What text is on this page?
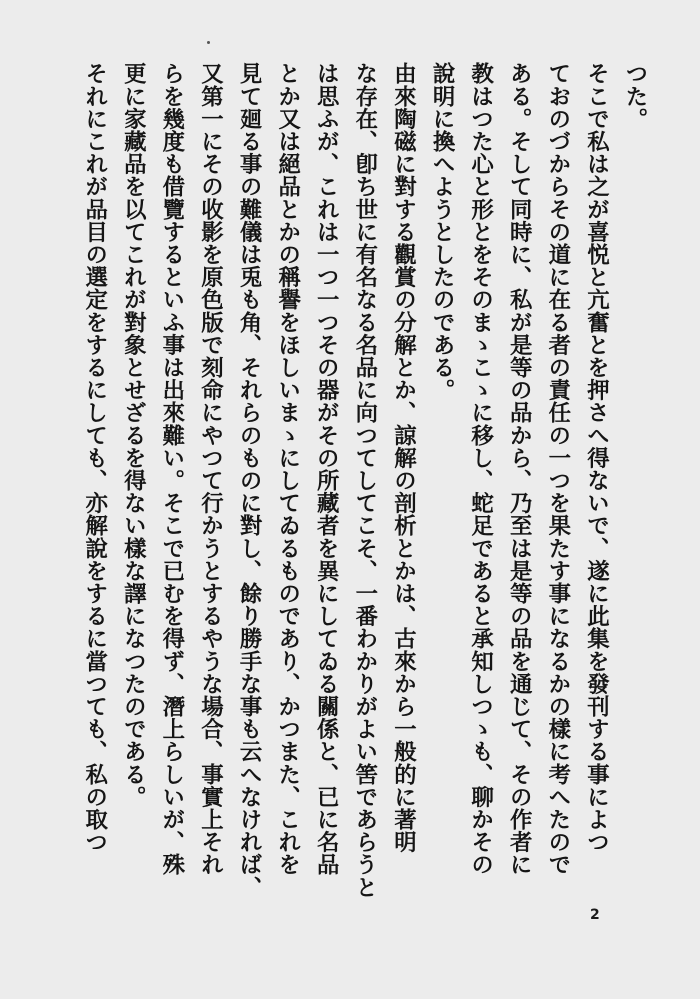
つた。
そこで私は之が喜悦と亢奮とを押さへ得ないで、遂に此集を發刊する事によつ
ておのづからその道に在る者の責任の一つを果たす事になるかの樣に考へたので
ある。そして同時に、私が是等の品から、乃至は是等の品を通じて、その作者に
教はつた心と形とをそのまゝこゝに移し、蛇足であると承知しつゝも、聊かその
說明に換へようとしたのである。
由來陶磁に對する觀賞の分解とか、諒解の剖析とかは、古來から一般的に著明
な存在、卽ち世に有名なる名品に向つてしてこそ、一番わかりがよい筈であらうと
は思ふが、これは一つ一つその器がその所藏者を異にしてゐる關係と、已に名品
とか又は絕品とかの稱譽をほしいまゝにしてゐるものであり、かつまた、これを
見て廻る事の難儀は兎も角、それらのものに對し、餘り勝手な事も云へなければ、
又第一にその收影を原色版で刻命にやつて行かうとするやうな場合、事實上それ
らを幾度も借覽するといふ事は出來難い。そこで已むを得ず、潛上らしいが、殊
更に家藏品を以てこれが對象とせざるを得ない樣な譯になつたのである。
それにこれが品目の選定をするにしても、亦解說をするに當つても、私の取つ
2
